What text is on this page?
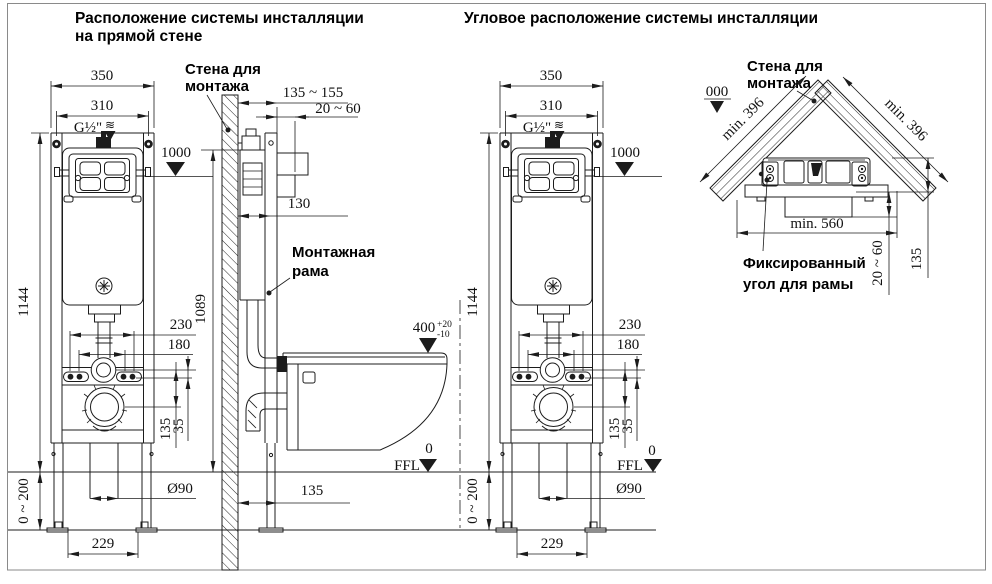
Расположение системы инсталляции
на прямой стене
Угловое расположение системы инсталляции
350
310
G½" ≋
1000
1144
230
180
135
35
Ø90
0 ~ 200
229
Стена для
монтажа 135 ~ 155
20 ~ 60
130
Монтажная
рама
1089
400 +20
-10
0
FFL
135
350
310
G½" ≋
1000
1144
230
180
135
35
Ø90
0 ~ 200
229
0
FFL
000
Стена для
монтажа
min. 396	min. 396
min. 560
135
20 ~ 60
Фиксированный
угол для рамы
